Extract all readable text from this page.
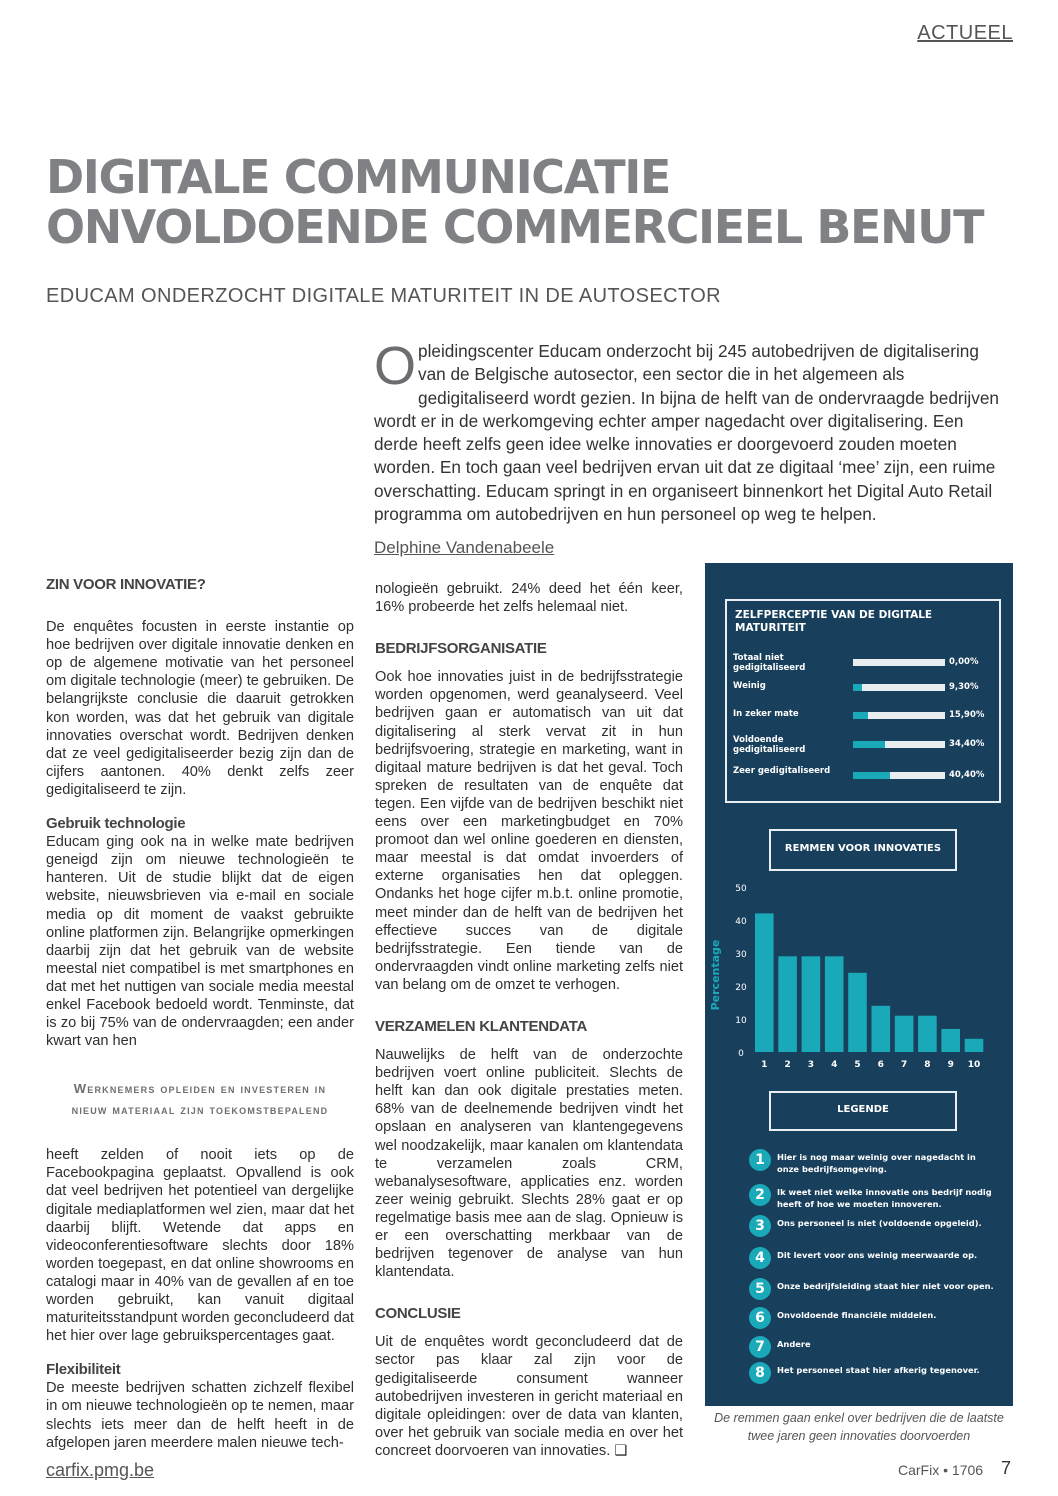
ACTUEEL
DIGITALE COMMUNICATIE
ONVOLDOENDE COMMERCIEEL BENUT
EDUCAM ONDERZOCHT DIGITALE MATURITEIT IN DE AUTOSECTOR

O pleidingscenter Educam onderzocht bij 245 autobedrijven de digitalisering van de Belgische autosector, een sector die in het algemeen als gedigitaliseerd wordt gezien. In bijna de helft van de ondervraagde bedrijven wordt er in de werkomgeving echter amper nagedacht over digitalisering. Een derde heeft zelfs geen idee welke innovaties er doorgevoerd zouden moeten worden. En toch gaan veel bedrijven ervan uit dat ze digitaal ‘mee’ zijn, een ruime overschatting. Educam springt in en organiseert binnenkort het Digital Auto Retail programma om autobedrijven en hun personeel op weg te helpen.

Delphine Vandenabeele
ZIN VOOR INNOVATIE?

De enquêtes focusten in eerste instantie op hoe bedrijven over digitale innovatie denken en op de algemene motivatie van het personeel om digitale technologie (meer) te gebruiken. De belangrijkste conclusie die daaruit getrokken kon worden, was dat het gebruik van digitale innovaties overschat wordt. Bedrijven denken dat ze veel gedigitaliseerder bezig zijn dan de cijfers aantonen. 40% denkt zelfs zeer gedigitaliseerd te zijn.

Gebruik technologie

Educam ging ook na in welke mate bedrijven geneigd zijn om nieuwe technologieën te hanteren. Uit de studie blijkt dat de eigen website, nieuwsbrieven via e-mail en sociale media op dit moment de vaakst gebruikte online platformen zijn. Belangrijke opmerkingen daarbij zijn dat het gebruik van de website meestal niet compatibel is met smartphones en dat met het nuttigen van sociale media meestal enkel Facebook bedoeld wordt. Tenminste, dat is zo bij 75% van de ondervraagden; een ander kwart van hen

Werknemers opleiden en investeren in
nieuw materiaal zijn toekomstbepalend

heeft zelden of nooit iets op de Facebookpagina geplaatst. Opvallend is ook dat veel bedrijven het potentieel van dergelijke digitale mediaplatformen wel zien, maar dat het daarbij blijft. Wetende dat apps en videoconferentiesoftware slechts door 18% worden toegepast, en dat online showrooms en catalogi maar in 40% van de gevallen af en toe worden gebruikt, kan vanuit digitaal maturiteitsstandpunt worden geconcludeerd dat het hier over lage gebruikspercentages gaat.

Flexibiliteit

De meeste bedrijven schatten zichzelf flexibel in om nieuwe technologieën op te nemen, maar slechts iets meer dan de helft heeft in de afgelopen jaren meerdere malen nieuwe tech-

nologieën gebruikt. 24% deed het één keer, 16% probeerde het zelfs helemaal niet.

BEDRIJFSORGANISATIE

Ook hoe innovaties juist in de bedrijfsstrategie worden opgenomen, werd geanalyseerd. Veel bedrijven gaan er automatisch van uit dat digitalisering al sterk vervat zit in hun bedrijfsvoering, strategie en marketing, want in digitaal mature bedrijven is dat het geval. Toch spreken de resultaten van de enquête dat tegen. Een vijfde van de bedrijven beschikt niet eens over een marketingbudget en 70% promoot dan wel online goederen en diensten, maar meestal is dat omdat invoerders of externe organisaties hen dat opleggen. Ondanks het hoge cijfer m.b.t. online promotie, meet minder dan de helft van de bedrijven het effectieve succes van de digitale bedrijfsstrategie. Een tiende van de ondervraagden vindt online marketing zelfs niet van belang om de omzet te verhogen.

VERZAMELEN KLANTENDATA

Nauwelijks de helft van de onderzochte bedrijven voert online publiciteit. Slechts de helft kan dan ook digitale prestaties meten. 68% van de deelnemende bedrijven vindt het opslaan en analyseren van klantengegevens wel noodzakelijk, maar kanalen om klantendata te verzamelen zoals CRM, webanalysesoftware, applicaties enz. worden zeer weinig gebruikt. Slechts 28% gaat er op regelmatige basis mee aan de slag. Opnieuw is er een overschatting merkbaar van de bedrijven tegenover de analyse van hun klantendata.

CONCLUSIE

Uit de enquêtes wordt geconcludeerd dat de sector pas klaar zal zijn voor de gedigitaliseerde consument wanneer autobedrijven investeren in gericht materiaal en digitale opleidingen: over de data van klanten, over het gebruik van sociale media en over het concreet doorvoeren van innovaties. ❑

ZELFPERCEPTIE VAN DE DIGITALE MATURITEIT
Totaal niet gedigitaliseerd
0,00%
Weinig	9,30%
In zeker mate	15,90%
Voldoende gedigitaliseerd
34,40%
Zeer gedigitaliseerd	40,40%
REMMEN VOOR INNOVATIES
0
10
20
30
40
50
Percentage
1 2 3 4 5 6 7 8 9 10
LEGENDE
1	Hier is nog maar weinig over nagedacht in onze bedrijfsomgeving.
2	Ik weet niet welke innovatie ons bedrijf nodig heeft of hoe we moeten innoveren.
3	Ons personeel is niet (voldoende opgeleid).
4	Dit levert voor ons weinig meerwaarde op.
5	Onze bedrijfsleiding staat hier niet voor open.
6	Onvoldoende financiële middelen.
7	Andere
8	Het personeel staat hier afkerig tegenover.
De remmen gaan enkel over bedrijven die de laatste twee jaren geen innovaties doorvoerden
carfix.pmg.be	CarFix • 1706 7
